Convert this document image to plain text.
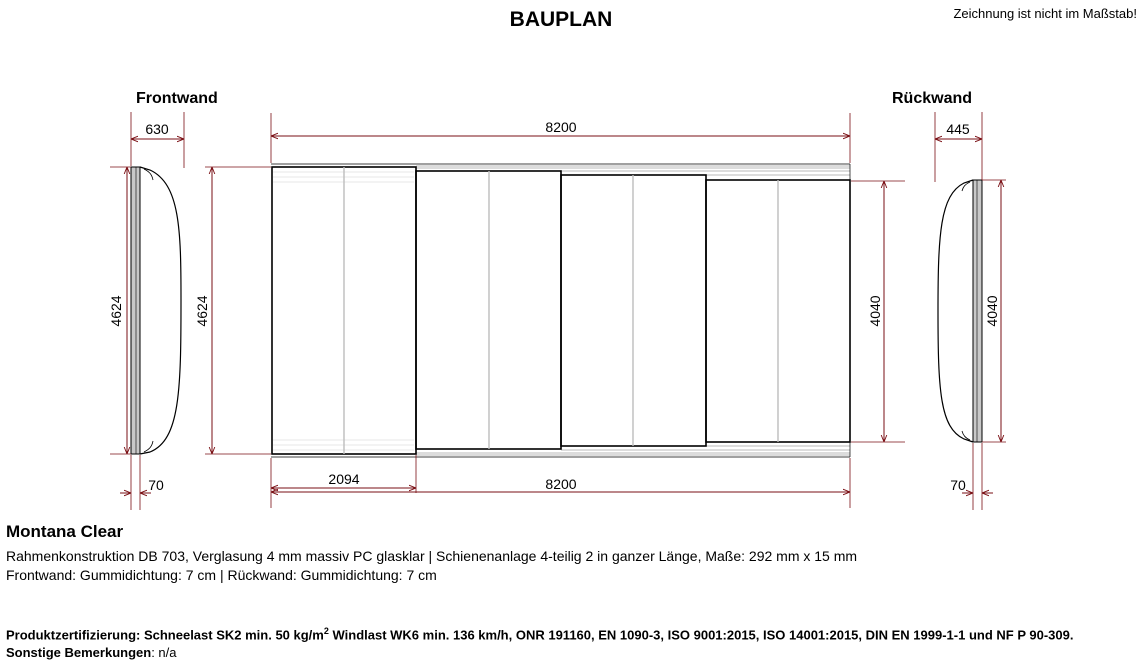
BAUPLAN	Zeichnung ist nicht im Maßstab!
Frontwand	Rückwand
630
4624
70
4624
8200
2094	8200
4040
445
4040
70
Montana Clear
Rahmenkonstruktion DB 703, Verglasung 4 mm massiv PC glasklar | Schienenanlage 4-teilig 2 in ganzer Länge, Maße: 292 mm x 15 mm
Frontwand: Gummidichtung: 7 cm | Rückwand: Gummidichtung: 7 cm
Produktzertifizierung: Schneelast SK2 min. 50 $kg/m^2$ Windlast WK6 min. 136 km/h, ONR 191160, EN 1090-3, ISO 9001:2015, ISO 14001:2015, DIN EN 1999-1-1 und NF P 90-309.
Sonstige Bemerkungen: n/a
